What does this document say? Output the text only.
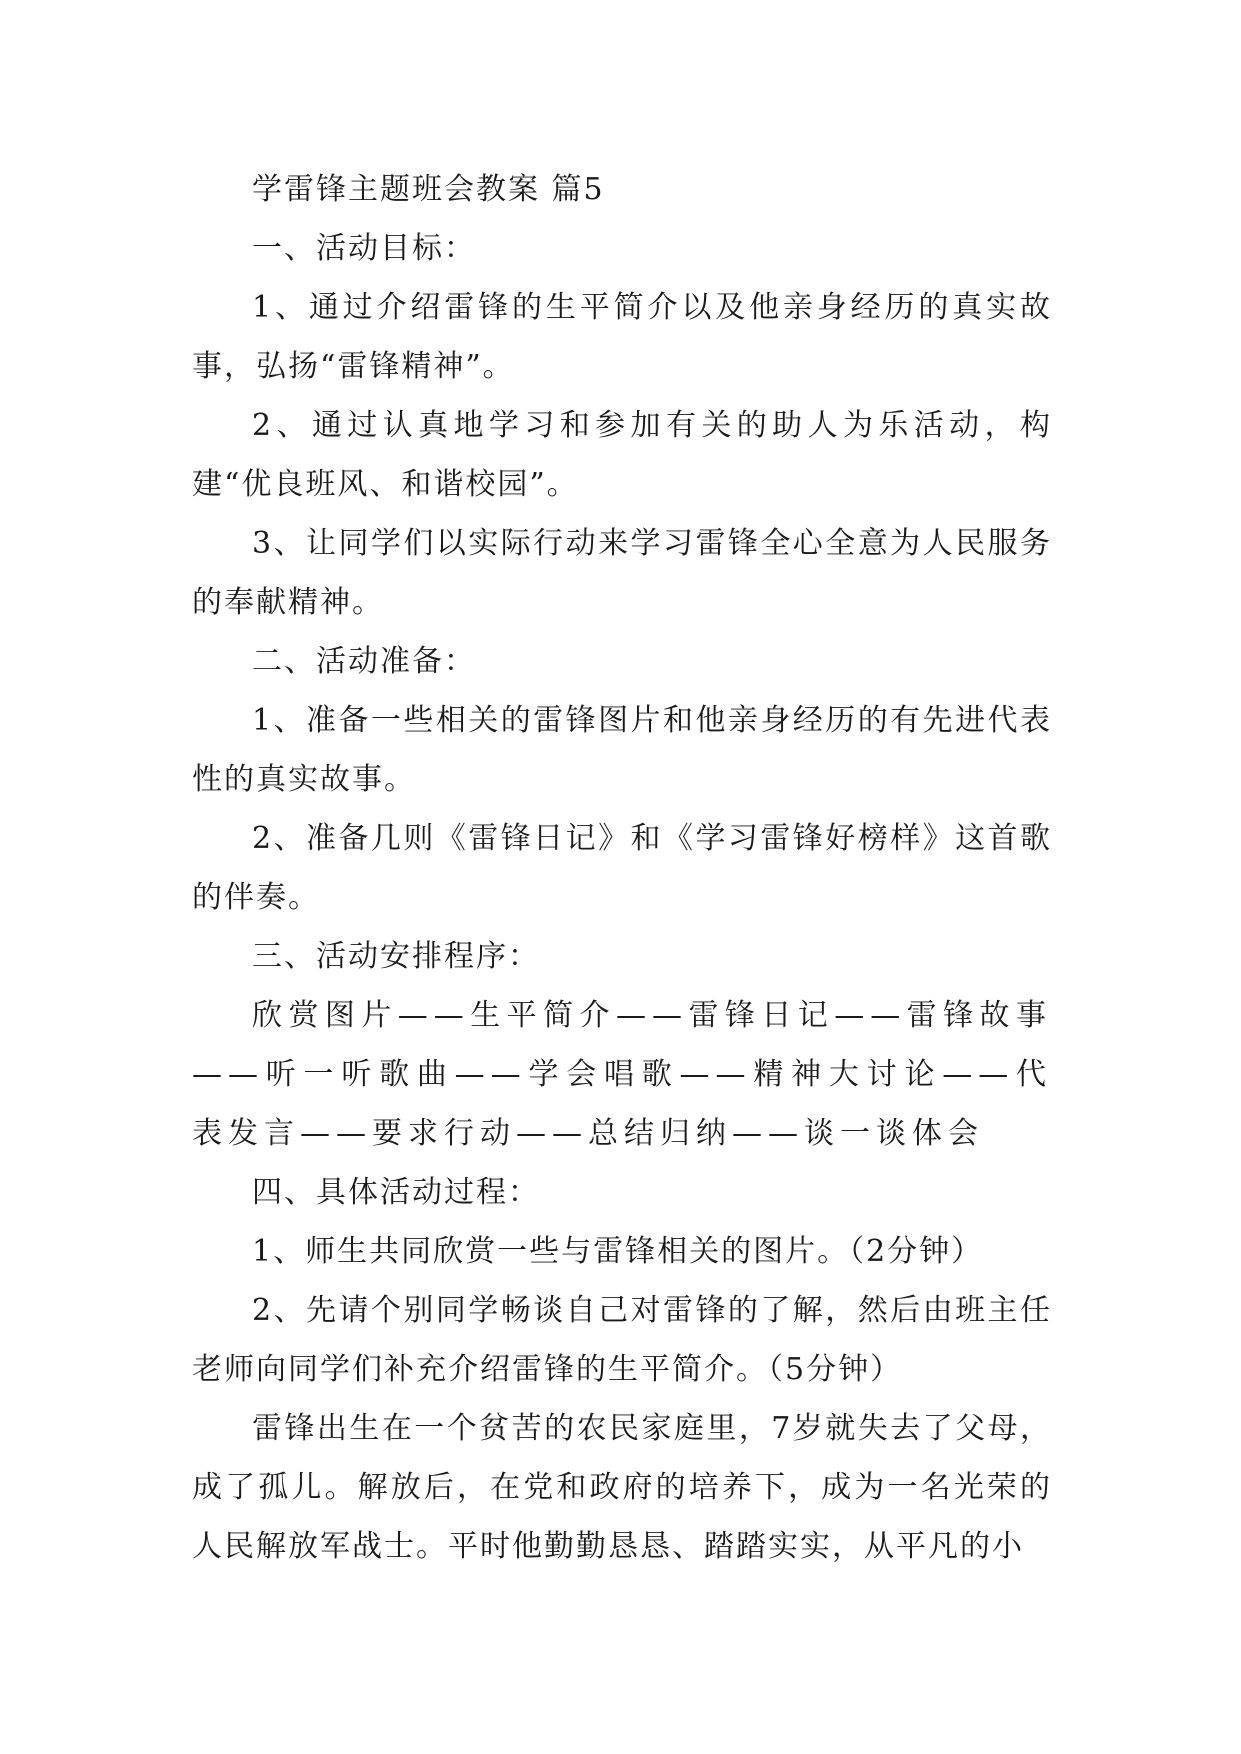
学雷锋主题班会教案 篇5

一、活动目标：

1、通过介绍雷锋的生平简介以及他亲身经历的真实故事，弘扬“雷锋精神”。

2、通过认真地学习和参加有关的助人为乐活动，构建“优良班风、和谐校园”。

3、让同学们以实际行动来学习雷锋全心全意为人民服务的奉献精神。

二、活动准备：

1、准备一些相关的雷锋图片和他亲身经历的有先进代表性的真实故事。

2、准备几则《雷锋日记》和《学习雷锋好榜样》这首歌的伴奏。

三、活动安排程序：

欣赏图片——生平简介——雷锋日记——雷锋故事——听一听歌曲——学会唱歌——精神大讨论——代表发言——要求行动——总结归纳——谈一谈体会

四、具体活动过程：

1、师生共同欣赏一些与雷锋相关的图片。（2分钟）

2、先请个别同学畅谈自己对雷锋的了解，然后由班主任老师向同学们补充介绍雷锋的生平简介。（5分钟）

雷锋出生在一个贫苦的农民家庭里，7岁就失去了父母，成了孤儿。解放后，在党和政府的培养下，成为一名光荣的人民解放军战士。平时他勤勤恳恳、踏踏实实，从平凡的小
